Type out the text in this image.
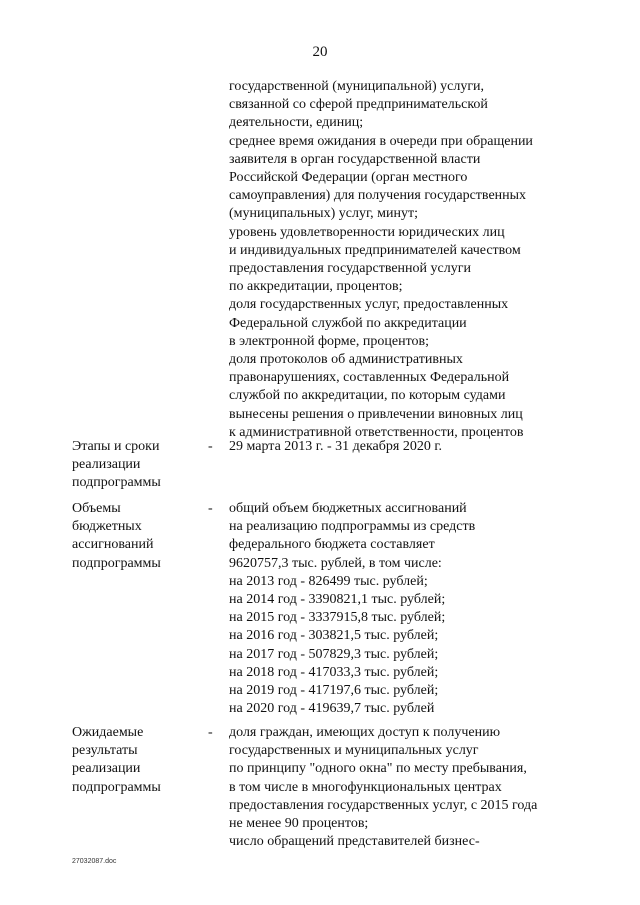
20
государственной (муниципальной) услуги,
связанной со сферой предпринимательской
деятельности, единиц;
среднее время ожидания в очереди при обращении
заявителя в орган государственной власти
Российской Федерации (орган местного
самоуправления) для получения государственных
(муниципальных) услуг, минут;
уровень удовлетворенности юридических лиц
и индивидуальных предпринимателей качеством
предоставления государственной услуги
по аккредитации, процентов;
доля государственных услуг, предоставленных
Федеральной службой по аккредитации
в электронной форме, процентов;
доля протоколов об административных
правонарушениях, составленных Федеральной
службой по аккредитации, по которым судами
вынесены решения о привлечении виновных лиц
к административной ответственности, процентов
Этапы и сроки
реализации
подпрограммы
- 29 марта 2013 г. - 31 декабря 2020 г.
Объемы
бюджетных
ассигнований
подпрограммы
- общий объем бюджетных ассигнований
на реализацию подпрограммы из средств
федерального бюджета составляет
9620757,3 тыс. рублей, в том числе:
на 2013 год - 826499 тыс. рублей;
на 2014 год - 3390821,1 тыс. рублей;
на 2015 год - 3337915,8 тыс. рублей;
на 2016 год - 303821,5 тыс. рублей;
на 2017 год - 507829,3 тыс. рублей;
на 2018 год - 417033,3 тыс. рублей;
на 2019 год - 417197,6 тыс. рублей;
на 2020 год - 419639,7 тыс. рублей
Ожидаемые
результаты
реализации
подпрограммы
- доля граждан, имеющих доступ к получению
государственных и муниципальных услуг
по принципу "одного окна" по месту пребывания,
в том числе в многофункциональных центрах
предоставления государственных услуг, с 2015 года
не менее 90 процентов;
число обращений представителей бизнес-
27032087.doc
